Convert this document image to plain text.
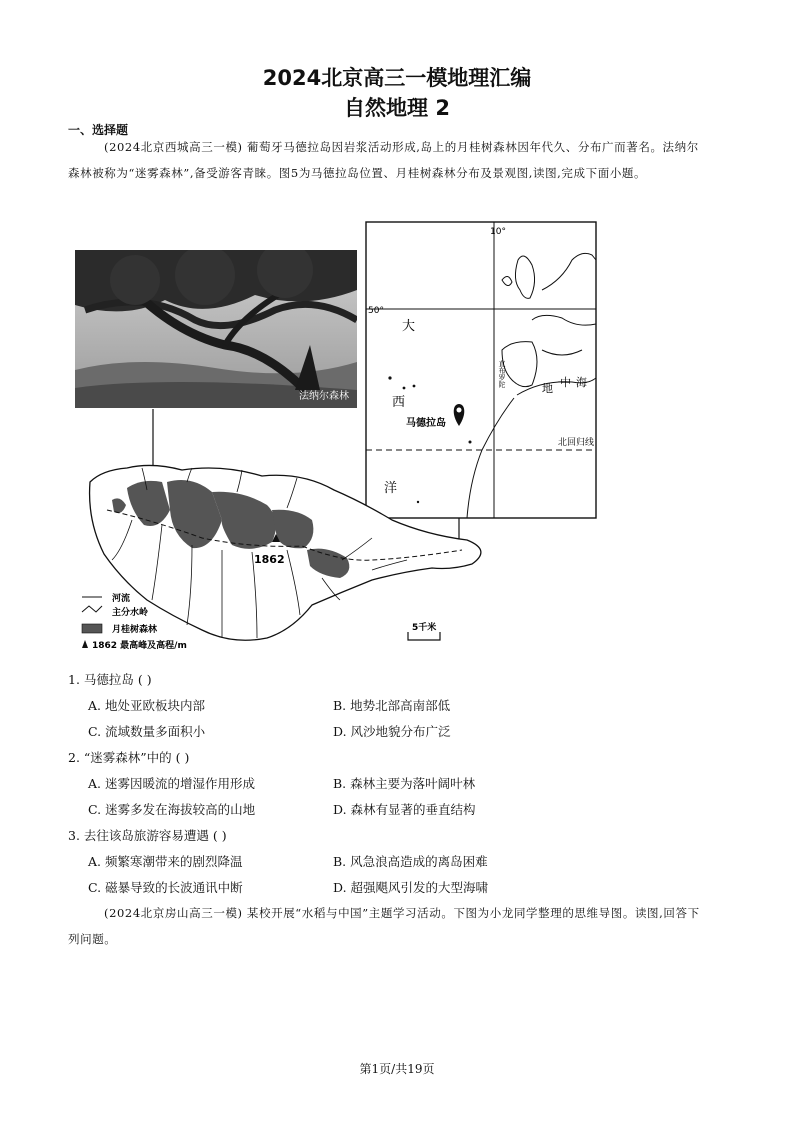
2024北京高三一模地理汇编
自然地理 2
一、选择题
(2024北京西城高三一模) 葡萄牙马德拉岛因岩浆活动形成,岛上的月桂树森林因年代久、分布广而著名。法纳尔森林被称为“迷雾森林”,备受游客青睐。图5为马德拉岛位置、月桂树森林分布及景观图,读图,完成下面小题。
法纳尔森林
10°
50°
大
西
洋
马德拉岛
北回归线
地 中 海
直布罗陀
1862
河流
主分水岭
月桂树森林
1862 最高峰及高程/m
5千米
1. 马德拉岛 ( )
A. 地处亚欧板块内部	B. 地势北部高南部低
C. 流域数量多面积小	D. 风沙地貌分布广泛
2. “迷雾森林”中的 ( )
A. 迷雾因暖流的增湿作用形成	B. 森林主要为落叶阔叶林
C. 迷雾多发在海拔较高的山地	D. 森林有显著的垂直结构
3. 去往该岛旅游容易遭遇 ( )
A. 频繁寒潮带来的剧烈降温	B. 风急浪高造成的离岛困难
C. 磁暴导致的长波通讯中断	D. 超强飓风引发的大型海啸
(2024北京房山高三一模) 某校开展“水稻与中国”主题学习活动。下图为小龙同学整理的思维导图。读图,回答下列问题。
第1页/共19页
